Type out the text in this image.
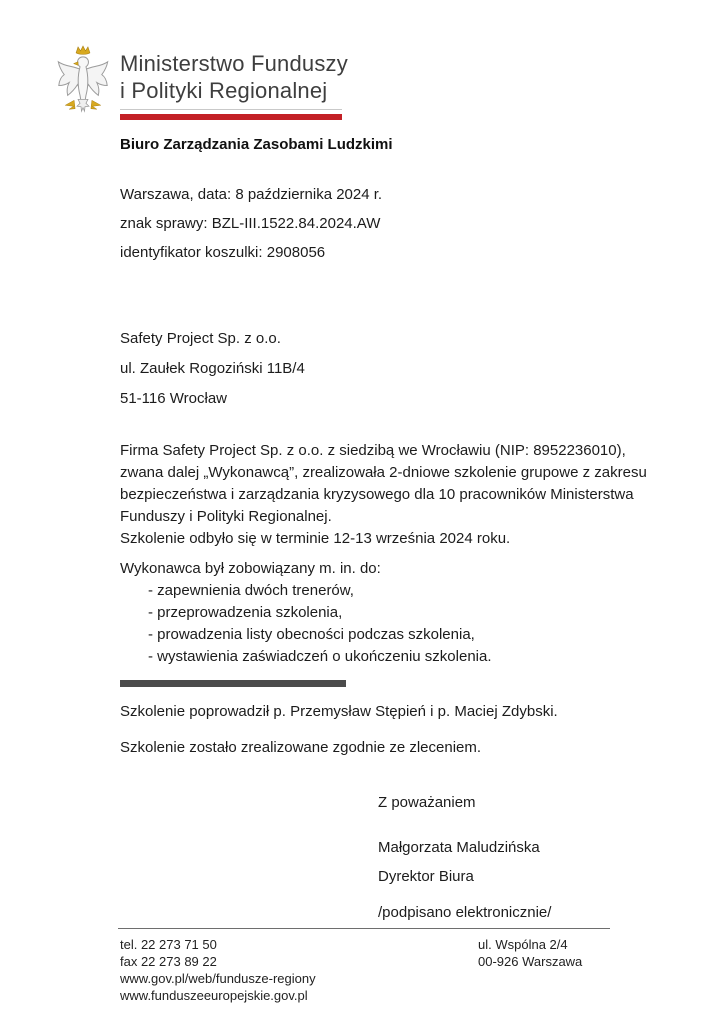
Ministerstwo Funduszy
i Polityki Regionalnej
Biuro Zarządzania Zasobami Ludzkimi
Warszawa, data: 8 października 2024 r.
znak sprawy: BZL-III.1522.84.2024.AW
identyfikator koszulki: 2908056
Safety Project Sp. z o.o.
ul. Zaułek Rogoziński 11B/4
51-116 Wrocław
Firma Safety Project Sp. z o.o. z siedzibą we Wrocławiu (NIP: 8952236010),
zwana dalej „Wykonawcą”, zrealizowała 2-dniowe szkolenie grupowe z zakresu
bezpieczeństwa i zarządzania kryzysowego dla 10 pracowników Ministerstwa
Funduszy i Polityki Regionalnej.
Szkolenie odbyło się w terminie 12-13 września 2024 roku.
Wykonawca był zobowiązany m. in. do:
- zapewnienia dwóch trenerów,
- przeprowadzenia szkolenia,
- prowadzenia listy obecności podczas szkolenia,
- wystawienia zaświadczeń o ukończeniu szkolenia.
Szkolenie poprowadził p. Przemysław Stępień i p. Maciej Zdybski.
Szkolenie zostało zrealizowane zgodnie ze zleceniem.
Z poważaniem
Małgorzata Maludzińska
Dyrektor Biura
/podpisano elektronicznie/
tel. 22 273 71 50
fax 22 273 89 22
www.gov.pl/web/fundusze-regiony
www.funduszeeuropejskie.gov.pl
ul. Wspólna 2/4
00-926 Warszawa
